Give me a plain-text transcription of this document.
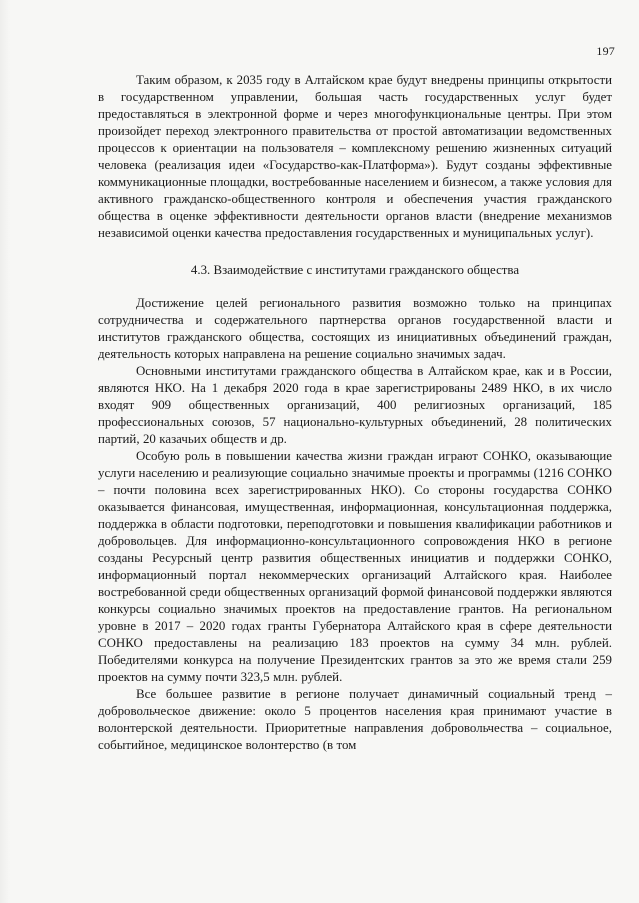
197

Таким образом, к 2035 году в Алтайском крае будут внедрены принципы открытости в государственном управлении, большая часть государственных услуг будет предоставляться в электронной форме и через многофункциональные центры. При этом произойдет переход электронного правительства от простой автоматизации ведомственных процессов к ориентации на пользователя – комплексному решению жизненных ситуаций человека (реализация идеи «Государство-как-Платформа»). Будут созданы эффективные коммуникационные площадки, востребованные населением и бизнесом, а также условия для активного гражданско-общественного контроля и обеспечения участия гражданского общества в оценке эффективности деятельности органов власти (внедрение механизмов независимой оценки качества предоставления государственных и муниципальных услуг).

4.3. Взаимодействие с институтами гражданского общества

Достижение целей регионального развития возможно только на принципах сотрудничества и содержательного партнерства органов государственной власти и институтов гражданского общества, состоящих из инициативных объединений граждан, деятельность которых направлена на решение социально значимых задач.

Основными институтами гражданского общества в Алтайском крае, как и в России, являются НКО. На 1 декабря 2020 года в крае зарегистрированы 2489 НКО, в их число входят 909 общественных организаций, 400 религиозных организаций, 185 профессиональных союзов, 57 национально-культурных объединений, 28 политических партий, 20 казачьих обществ и др.

Особую роль в повышении качества жизни граждан играют СОНКО, оказывающие услуги населению и реализующие социально значимые проекты и программы (1216 СОНКО – почти половина всех зарегистрированных НКО). Со стороны государства СОНКО оказывается финансовая, имущественная, информационная, консультационная поддержка, поддержка в области подготовки, переподготовки и повышения квалификации работников и добровольцев. Для информационно-консультационного сопровождения НКО в регионе созданы Ресурсный центр развития общественных инициатив и поддержки СОНКО, информационный портал некоммерческих организаций Алтайского края. Наиболее востребованной среди общественных организаций формой финансовой поддержки являются конкурсы социально значимых проектов на предоставление грантов. На региональном уровне в 2017 – 2020 годах гранты Губернатора Алтайского края в сфере деятельности СОНКО предоставлены на реализацию 183 проектов на сумму 34 млн. рублей. Победителями конкурса на получение Президентских грантов за это же время стали 259 проектов на сумму почти 323,5 млн. рублей.

Все большее развитие в регионе получает динамичный социальный тренд – добровольческое движение: около 5 процентов населения края принимают участие в волонтерской деятельности. Приоритетные направления добровольчества – социальное, событийное, медицинское волонтерство (в том
